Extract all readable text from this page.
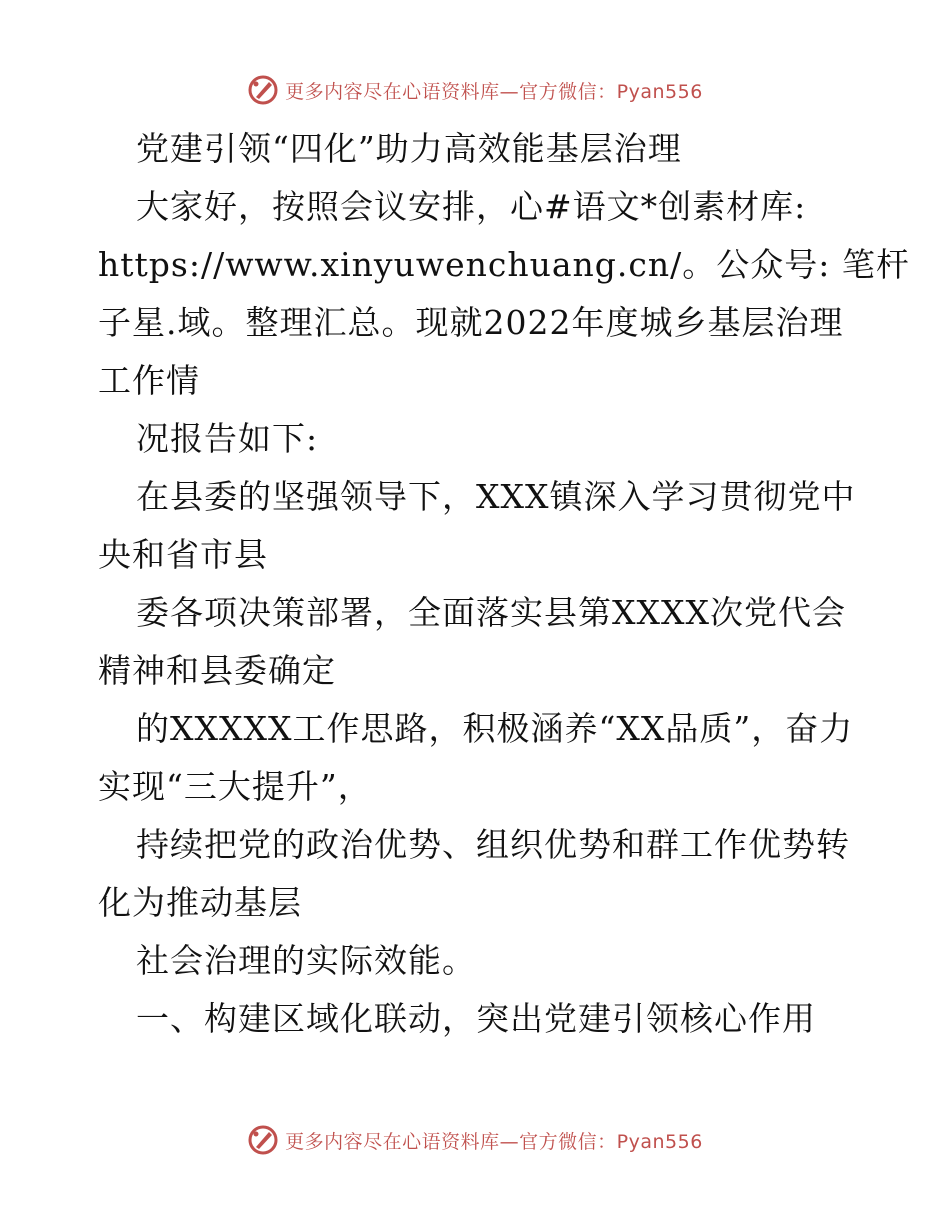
更多内容尽在心语资料库—官方微信：Pyan556
党建引领“四化”助力高效能基层治理
大家好，按照会议安排，心#语文*创素材库:
https://www.xinyuwenchuang.cn/。公众号: 笔杆
子星.域。整理汇总。现就2022年度城乡基层治理
工作情
况报告如下:
在县委的坚强领导下，XXX镇深入学习贯彻党中
央和省市县
委各项决策部署，全面落实县第XXXX次党代会
精神和县委确定
的XXXXX工作思路，积极涵养“XX品质”，奋力
实现“三大提升”，
持续把党的政治优势、组织优势和群工作优势转
化为推动基层
社会治理的实际效能。
一、构建区域化联动，突出党建引领核心作用
更多内容尽在心语资料库—官方微信：Pyan556
